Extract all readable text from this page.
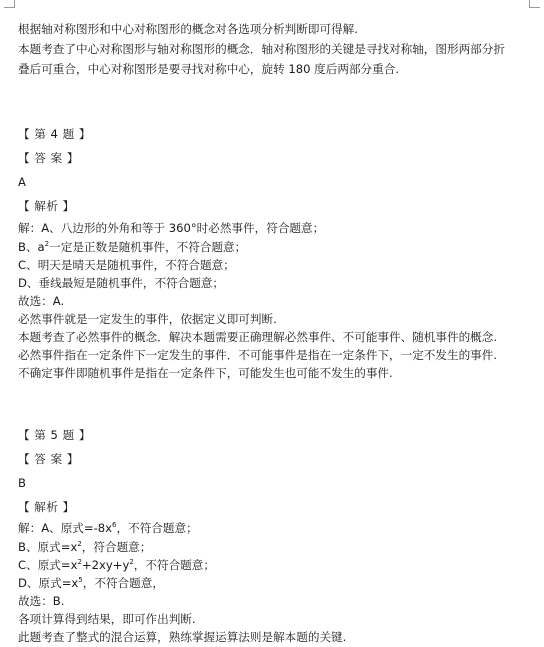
根据轴对称图形和中心对称图形的概念对各选项分析判断即可得解.
本题考查了中心对称图形与轴对称图形的概念．轴对称图形的关键是寻找对称轴，图形两部分折
叠后可重合，中心对称图形是要寻找对称中心，旋转 180 度后两部分重合.
【 第 4 题 】
【 答 案 】
A
【 解析 】
解：A、八边形的外角和等于 360°时必然事件，符合题意；
B、$a^2$一定是正数是随机事件，不符合题意；
C、明天是晴天是随机事件，不符合题意；
D、垂线最短是随机事件，不符合题意；
故选：A.
必然事件就是一定发生的事件，依据定义即可判断.
本题考查了必然事件的概念．解决本题需要正确理解必然事件、不可能事件、随机事件的概念.
必然事件指在一定条件下一定发生的事件．不可能事件是指在一定条件下，一定不发生的事件.
不确定事件即随机事件是指在一定条件下，可能发生也可能不发生的事件.
【 第 5 题 】
【 答 案 】
B
【 解析 】
解：A、原式$=-8x^6$，不符合题意；
B、原式$=x^2$，符合题意；
C、原式$=x^2+2xy+y^2$，不符合题意；
D、原式$=x^5$，不符合题意，
故选：B.
各项计算得到结果，即可作出判断.
此题考查了整式的混合运算，熟练掌握运算法则是解本题的关键.
